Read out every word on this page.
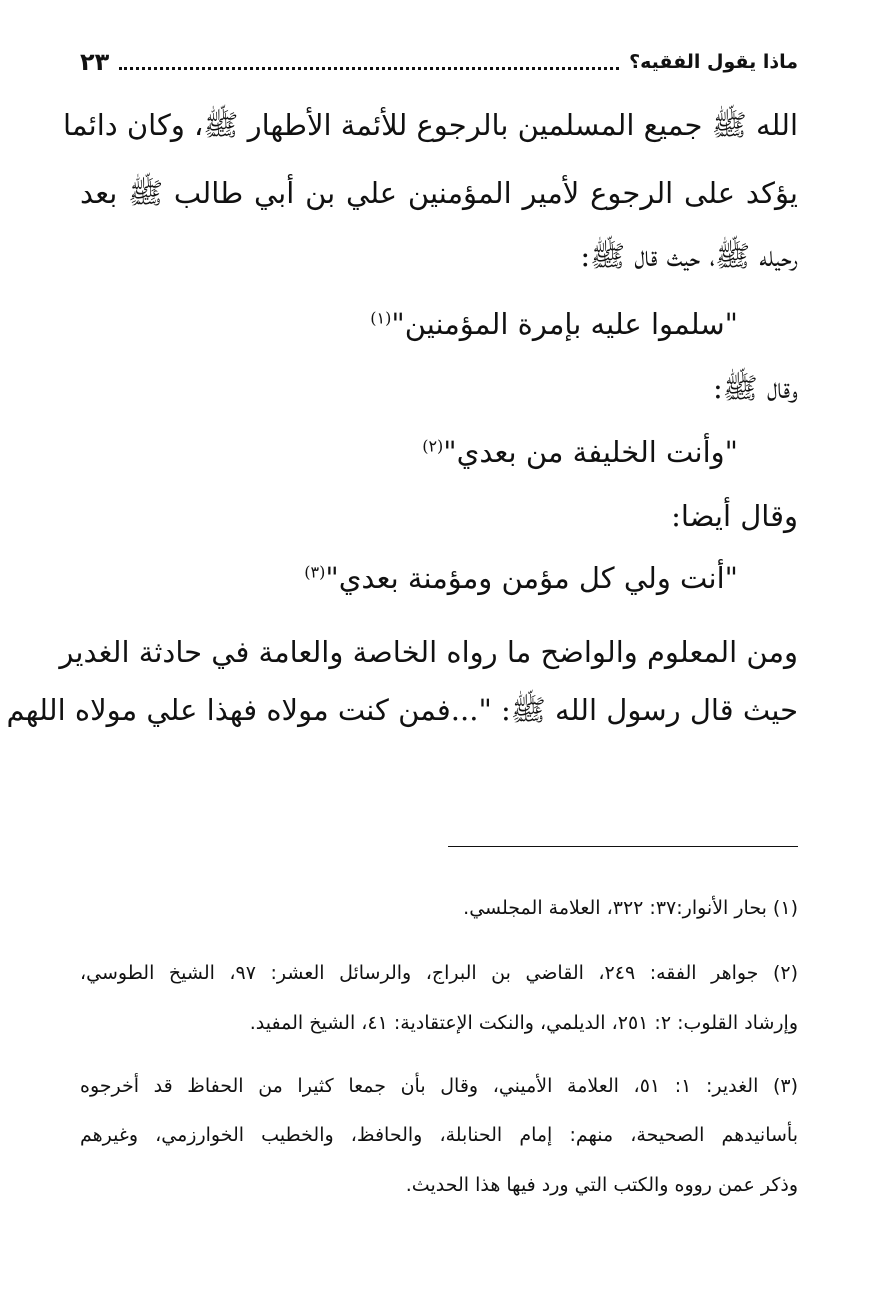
ماذا يقول الفقيه؟
٢٣
الله ﷺ جميع المسلمين بالرجوع للأئمة الأطهار ﷺ، وكان دائما
يؤكد على الرجوع لأمير المؤمنين علي بن أبي طالب ﷺ بعد
رحيله ﷺ، حيث قال ﷺ:
"سلموا عليه بإمرة المؤمنين"$^{(١)}$
وقال ﷺ:
"وأنت الخليفة من بعدي"$^{(٢)}$
وقال أيضا:
"أنت ولي كل مؤمن ومؤمنة بعدي"$^{(٣)}$
ومن المعلوم والواضح ما رواه الخاصة والعامة في حادثة الغدير
حيث قال رسول الله ﷺ: "...فمن كنت مولاه فهذا علي مولاه اللهم
(١) بحار الأنوار:٣٧: ٣٢٢، العلامة المجلسي.
(٢) جواهر الفقه: ٢٤٩، القاضي بن البراج، والرسائل العشر: ٩٧، الشيخ الطوسي،
وإرشاد القلوب: ٢: ٢٥١، الديلمي، والنكت الإعتقادية: ٤١، الشيخ المفيد.
(٣) الغدير: ١: ٥١، العلامة الأميني، وقال بأن جمعا كثيرا من الحفاظ قد أخرجوه
بأسانيدهم الصحيحة، منهم: إمام الحنابلة، والحافظ، والخطيب الخوارزمي، وغيرهم
وذكر عمن رووه والكتب التي ورد فيها هذا الحديث.
